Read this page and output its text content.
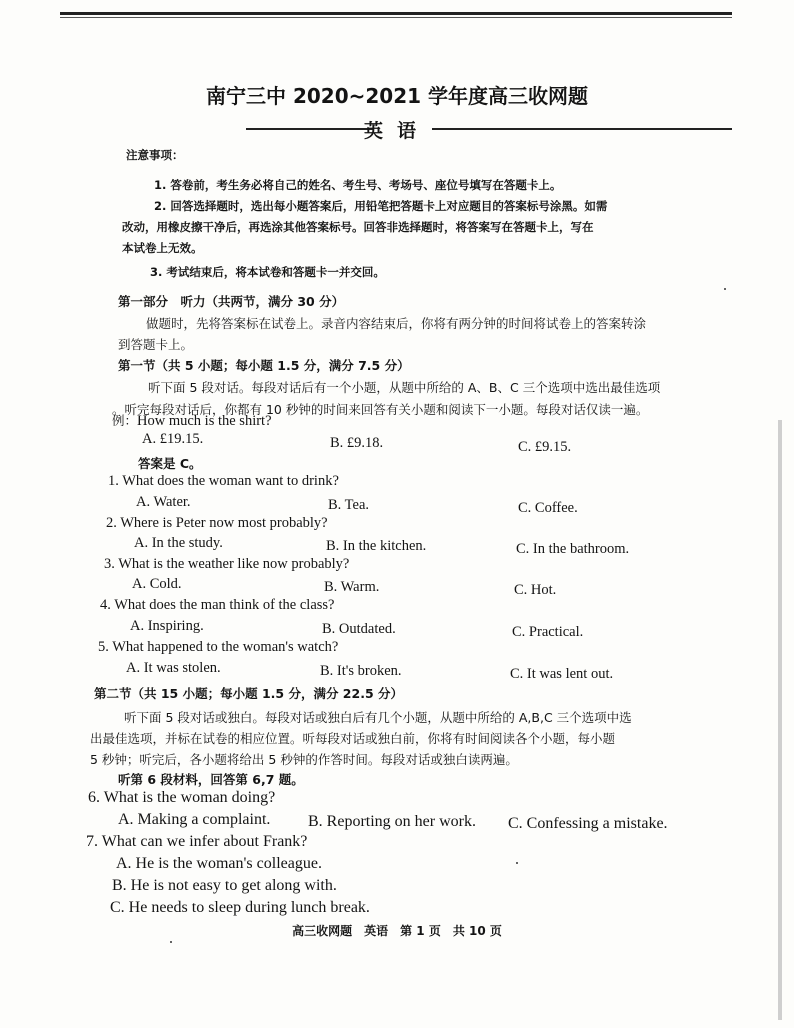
南宁三中 2020~2021 学年度高三收网题
英语
注意事项：
1. 答卷前，考生务必将自己的姓名、考生号、考场号、座位号填写在答题卡上。
2. 回答选择题时，选出每小题答案后，用铅笔把答题卡上对应题目的答案标号涂黑。如需
改动，用橡皮擦干净后，再选涂其他答案标号。回答非选择题时，将答案写在答题卡上，写在
本试卷上无效。
3. 考试结束后，将本试卷和答题卡一并交回。
第一部分　听力（共两节，满分 30 分）
做题时，先将答案标在试卷上。录音内容结束后，你将有两分钟的时间将试卷上的答案转涂
到答题卡上。
第一节（共 5 小题；每小题 1.5 分，满分 7.5 分）
听下面 5 段对话。每段对话后有一个小题，从题中所给的 A、B、C 三个选项中选出最佳选项
。听完每段对话后，你都有 10 秒钟的时间来回答有关小题和阅读下一小题。每段对话仅读一遍。
例：How much is the shirt?
A. £19.15.	B. £9.18.	C. £9.15.
答案是 C。
1. What does the woman want to drink?
A. Water.	B. Tea.	C. Coffee.
2. Where is Peter now most probably?
A. In the study.	B. In the kitchen.	C. In the bathroom.
3. What is the weather like now probably?
A. Cold.	B. Warm.	C. Hot.
4. What does the man think of the class?
A. Inspiring.	B. Outdated.	C. Practical.
5. What happened to the woman's watch?
A. It was stolen.	B. It's broken.	C. It was lent out.
第二节（共 15 小题；每小题 1.5 分，满分 22.5 分）
听下面 5 段对话或独白。每段对话或独白后有几个小题，从题中所给的 A,B,C 三个选项中选
出最佳选项，并标在试卷的相应位置。听每段对话或独白前，你将有时间阅读各个小题，每小题
5 秒钟；听完后，各小题将给出 5 秒钟的作答时间。每段对话或独白读两遍。
听第 6 段材料，回答第 6,7 题。
6. What is the woman doing?
A. Making a complaint. B. Reporting on her work. C. Confessing a mistake.
7. What can we infer about Frank?
A. He is the woman's colleague.
B. He is not easy to get along with.
C. He needs to sleep during lunch break.
高三收网题　英语　第 1 页　共 10 页
